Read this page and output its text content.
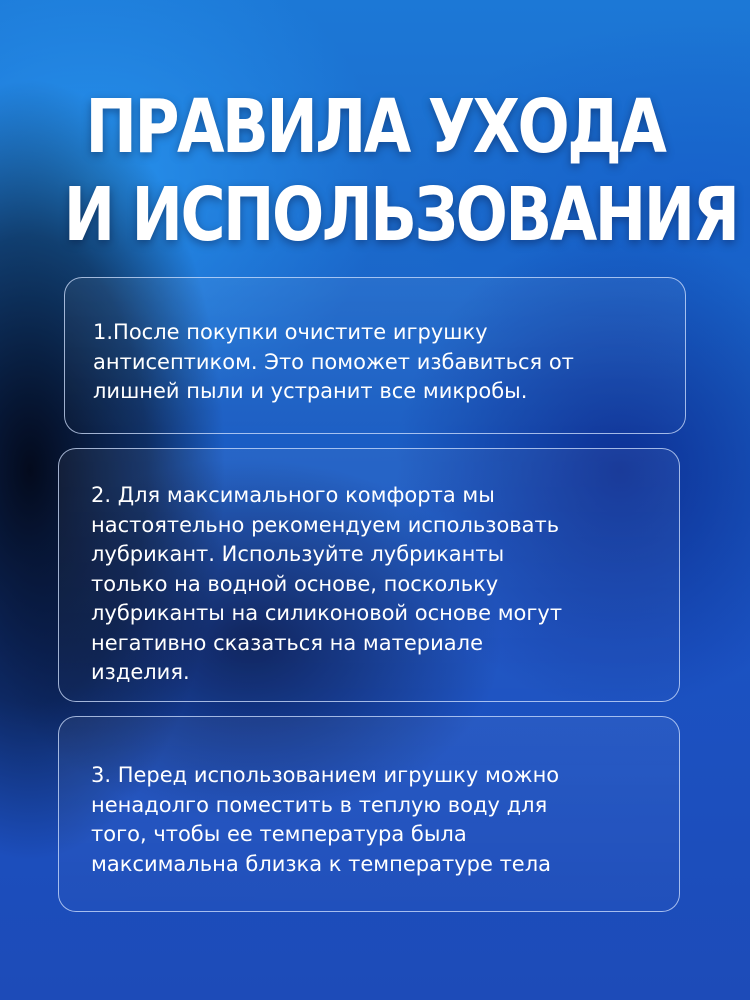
ПРАВИЛА УХОДА
И ИСПОЛЬЗОВАНИЯ

1.После покупки очистите игрушку
антисептиком. Это поможет избавиться от
лишней пыли и устранит все микробы.

2. Для максимального комфорта мы
настоятельно рекомендуем использовать
лубрикант. Используйте лубриканты
только на водной основе, поскольку
лубриканты на силиконовой основе могут
негативно сказаться на материале
изделия.

3. Перед использованием игрушку можно
ненадолго поместить в теплую воду для
того, чтобы ее температура была
максимальна близка к температуре тела
